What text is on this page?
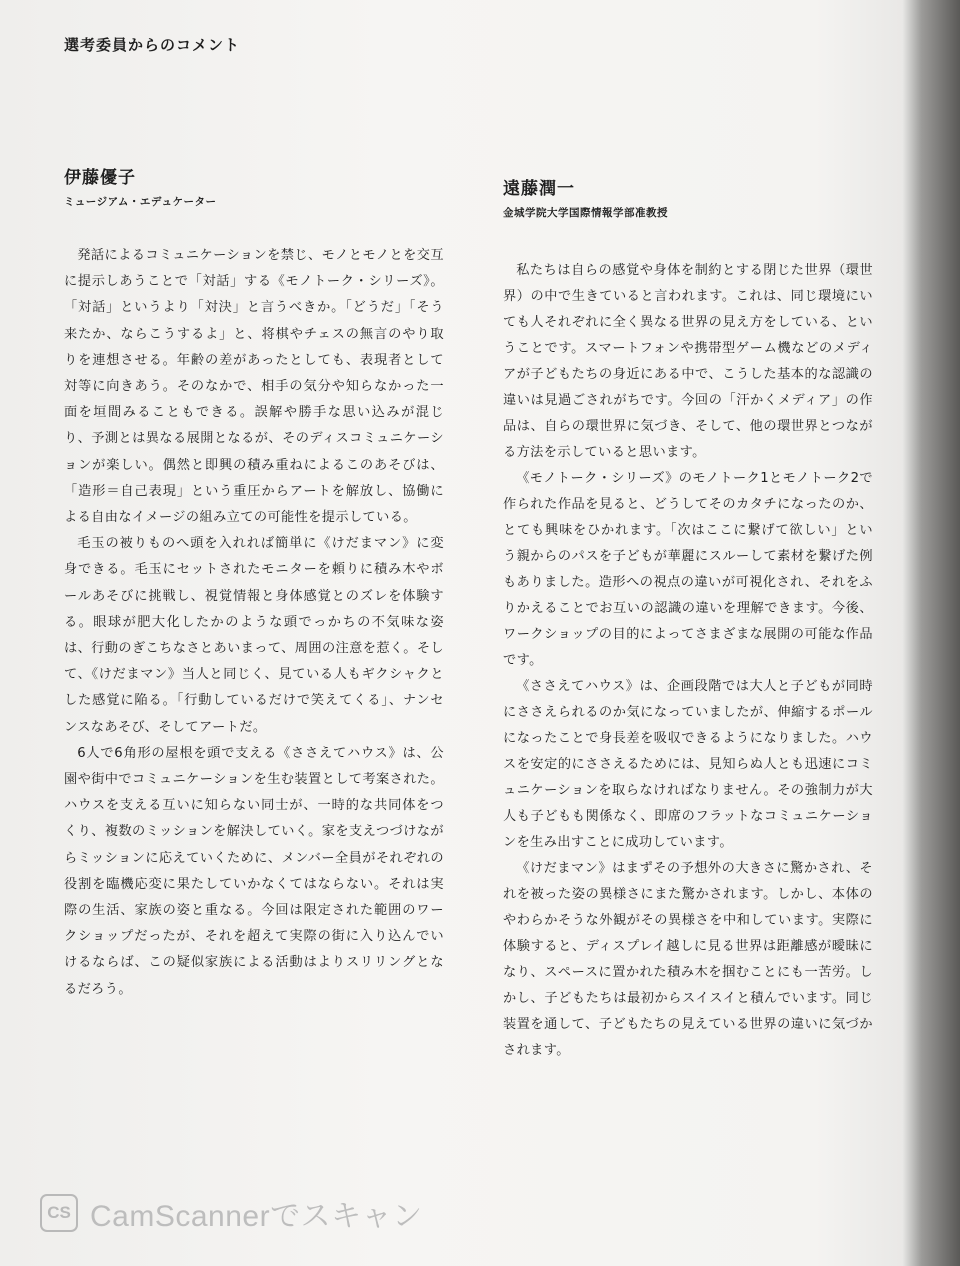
選考委員からのコメント

伊藤優子

ミュージアム・エデュケーター

発話によるコミュニケーションを禁じ、モノとモノとを交互に提示しあうことで「対話」する《モノトーク・シリーズ》。「対話」というより「対決」と言うべきか。「どうだ」「そう来たか、ならこうするよ」と、将棋やチェスの無言のやり取りを連想させる。年齢の差があったとしても、表現者として対等に向きあう。そのなかで、相手の気分や知らなかった一面を垣間みることもできる。誤解や勝手な思い込みが混じり、予測とは異なる展開となるが、そのディスコミュニケーションが楽しい。偶然と即興の積み重ねによるこのあそびは、「造形＝自己表現」という重圧からアートを解放し、協働による自由なイメージの組み立ての可能性を提示している。

毛玉の被りものへ頭を入れれば簡単に《けだまマン》に変身できる。毛玉にセットされたモニターを頼りに積み木やボールあそびに挑戦し、視覚情報と身体感覚とのズレを体験する。眼球が肥大化したかのような頭でっかちの不気味な姿は、行動のぎこちなさとあいまって、周囲の注意を惹く。そして、《けだまマン》当人と同じく、見ている人もギクシャクとした感覚に陥る。「行動しているだけで笑えてくる」、ナンセンスなあそび、そしてアートだ。

6人で6角形の屋根を頭で支える《ささえてハウス》は、公園や街中でコミュニケーションを生む装置として考案された。ハウスを支える互いに知らない同士が、一時的な共同体をつくり、複数のミッションを解決していく。家を支えつづけながらミッションに応えていくために、メンバー全員がそれぞれの役割を臨機応変に果たしていかなくてはならない。それは実際の生活、家族の姿と重なる。今回は限定された範囲のワークショップだったが、それを超えて実際の街に入り込んでいけるならば、この疑似家族による活動はよりスリリングとなるだろう。

遠藤潤一

金城学院大学国際情報学部准教授

私たちは自らの感覚や身体を制約とする閉じた世界（環世界）の中で生きていると言われます。これは、同じ環境にいても人それぞれに全く異なる世界の見え方をしている、ということです。スマートフォンや携帯型ゲーム機などのメディアが子どもたちの身近にある中で、こうした基本的な認識の違いは見過ごされがちです。今回の「汗かくメディア」の作品は、自らの環世界に気づき、そして、他の環世界とつながる方法を示していると思います。

《モノトーク・シリーズ》のモノトーク1とモノトーク2で作られた作品を見ると、どうしてそのカタチになったのか、とても興味をひかれます。「次はここに繋げて欲しい」という親からのパスを子どもが華麗にスルーして素材を繋げた例もありました。造形への視点の違いが可視化され、それをふりかえることでお互いの認識の違いを理解できます。今後、ワークショップの目的によってさまざまな展開の可能な作品です。

《ささえてハウス》は、企画段階では大人と子どもが同時にささえられるのか気になっていましたが、伸縮するポールになったことで身長差を吸収できるようになりました。ハウスを安定的にささえるためには、見知らぬ人とも迅速にコミュニケーションを取らなければなりません。その強制力が大人も子どもも関係なく、即席のフラットなコミュニケーションを生み出すことに成功しています。

《けだまマン》はまずその予想外の大きさに驚かされ、それを被った姿の異様さにまた驚かされます。しかし、本体のやわらかそうな外観がその異様さを中和しています。実際に体験すると、ディスプレイ越しに見る世界は距離感が曖昧になり、スペースに置かれた積み木を掴むことにも一苦労。しかし、子どもたちは最初からスイスイと積んでいます。同じ装置を通して、子どもたちの見えている世界の違いに気づかされます。

CS CamScannerでスキャン
